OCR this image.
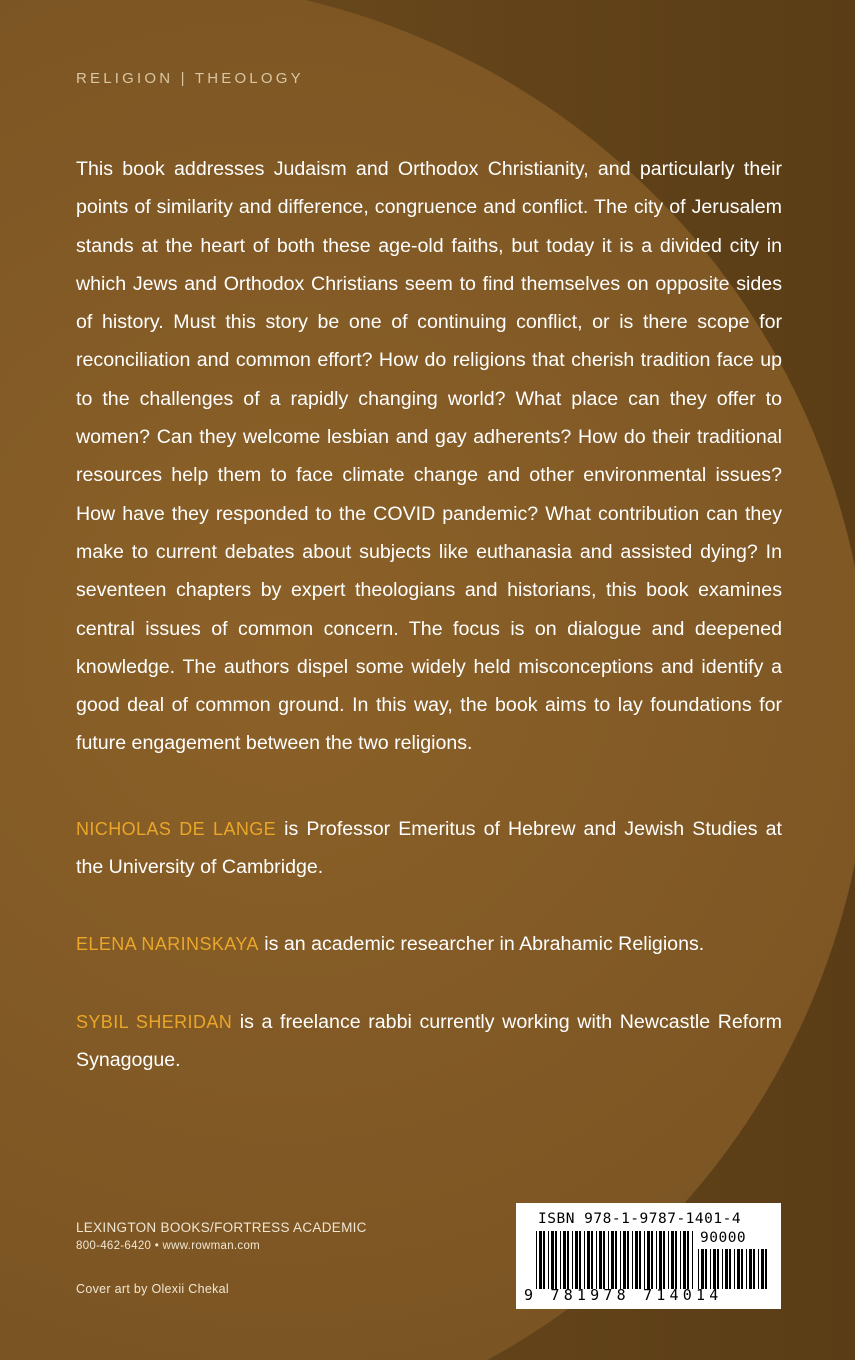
RELIGION | THEOLOGY

This book addresses Judaism and Orthodox Christianity, and particularly their points of similarity and difference, congruence and conflict. The city of Jerusalem stands at the heart of both these age-old faiths, but today it is a divided city in which Jews and Orthodox Christians seem to find themselves on opposite sides of history. Must this story be one of continuing conflict, or is there scope for reconciliation and common effort? How do religions that cherish tradition face up to the challenges of a rapidly changing world? What place can they offer to women? Can they welcome lesbian and gay adherents? How do their traditional resources help them to face climate change and other environmental issues? How have they responded to the COVID pandemic? What contribution can they make to current debates about subjects like euthanasia and assisted dying? In seventeen chapters by expert theologians and historians, this book examines central issues of common concern. The focus is on dialogue and deepened knowledge. The authors dispel some widely held misconceptions and identify a good deal of common ground. In this way, the book aims to lay foundations for future engagement between the two religions.

NICHOLAS DE LANGE is Professor Emeritus of Hebrew and Jewish Studies at the University of Cambridge.

ELENA NARINSKAYA is an academic researcher in Abrahamic Religions.

SYBIL SHERIDAN is a freelance rabbi currently working with Newcastle Reform Synagogue.

LEXINGTON BOOKS/FORTRESS ACADEMIC
800-462-6420 • www.rowman.com
Cover art by Olexii Chekal
ISBN 978-1-9787-1401-4
90000
9 781978 714014
